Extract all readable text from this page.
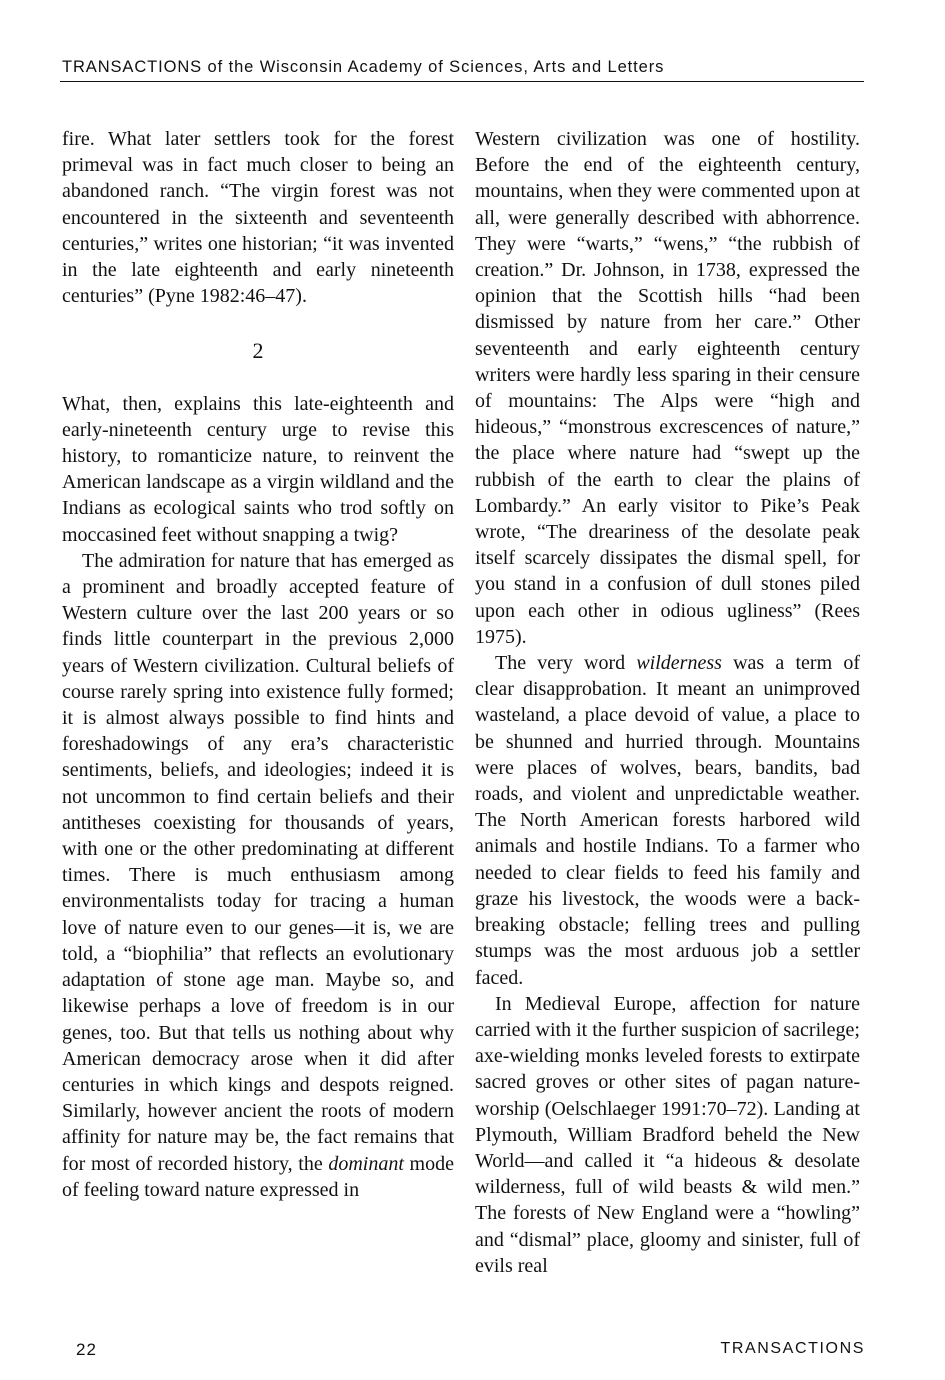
TRANSACTIONS of the Wisconsin Academy of Sciences, Arts and Letters

fire. What later settlers took for the forest primeval was in fact much closer to being an abandoned ranch. “The virgin forest was not encountered in the sixteenth and seventeenth centuries,” writes one historian; “it was invented in the late eighteenth and early nineteenth centuries” (Pyne 1982:46–47).

2

What, then, explains this late-eighteenth and early-nineteenth century urge to revise this history, to romanticize nature, to reinvent the American landscape as a virgin wildland and the Indians as ecological saints who trod softly on moccasined feet without snapping a twig?

The admiration for nature that has emerged as a prominent and broadly accepted feature of Western culture over the last 200 years or so finds little counterpart in the previous 2,000 years of Western civilization. Cultural beliefs of course rarely spring into existence fully formed; it is almost always possible to find hints and foreshadowings of any era’s characteristic sentiments, beliefs, and ideologies; indeed it is not uncommon to find certain beliefs and their antitheses coexisting for thousands of years, with one or the other predominating at different times. There is much enthusiasm among environmentalists today for tracing a human love of nature even to our genes—it is, we are told, a “biophilia” that reflects an evolutionary adaptation of stone age man. Maybe so, and likewise perhaps a love of freedom is in our genes, too. But that tells us nothing about why American democracy arose when it did after centuries in which kings and despots reigned. Similarly, however ancient the roots of modern affinity for nature may be, the fact remains that for most of recorded history, the dominant mode of feeling toward nature expressed in

Western civilization was one of hostility. Before the end of the eighteenth century, mountains, when they were commented upon at all, were generally described with abhorrence. They were “warts,” “wens,” “the rubbish of creation.” Dr. Johnson, in 1738, expressed the opinion that the Scottish hills “had been dismissed by nature from her care.” Other seventeenth and early eighteenth century writers were hardly less sparing in their censure of mountains: The Alps were “high and hideous,” “monstrous excrescences of nature,” the place where nature had “swept up the rubbish of the earth to clear the plains of Lombardy.” An early visitor to Pike’s Peak wrote, “The dreariness of the desolate peak itself scarcely dissipates the dismal spell, for you stand in a confusion of dull stones piled upon each other in odious ugliness” (Rees 1975).

The very word wilderness was a term of clear disapprobation. It meant an unimproved wasteland, a place devoid of value, a place to be shunned and hurried through. Mountains were places of wolves, bears, bandits, bad roads, and violent and unpredictable weather. The North American forests harbored wild animals and hostile Indians. To a farmer who needed to clear fields to feed his family and graze his livestock, the woods were a back-breaking obstacle; felling trees and pulling stumps was the most arduous job a settler faced.

In Medieval Europe, affection for nature carried with it the further suspicion of sacrilege; axe-wielding monks leveled forests to extirpate sacred groves or other sites of pagan nature-worship (Oelschlaeger 1991:70–72). Landing at Plymouth, William Bradford beheld the New World—and called it “a hideous & desolate wilderness, full of wild beasts & wild men.” The forests of New England were a “howling” and “dismal” place, gloomy and sinister, full of evils real

22	TRANSACTIONS
